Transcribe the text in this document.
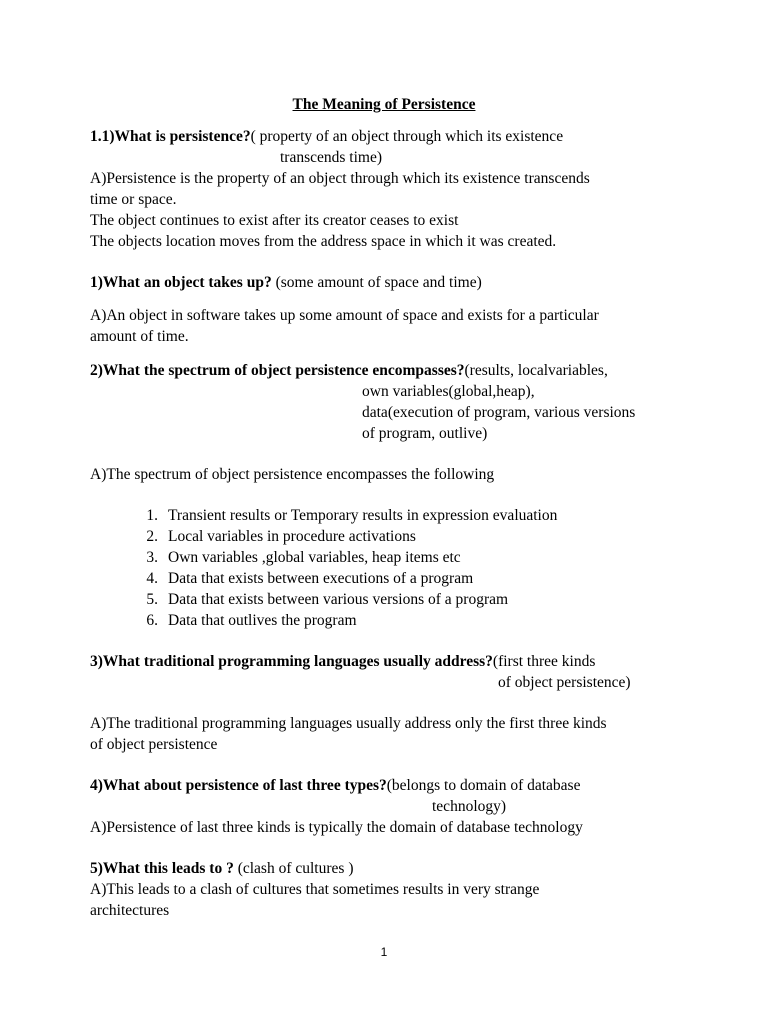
The Meaning of Persistence
1.1)What is persistence?( property of an object through which its existence
transcends time)
A)Persistence is the property of an object through which its existence transcends
time or space.
The object continues to exist after its creator ceases to exist
The objects location moves from the address space in which it was created.
1)What an object takes up? (some amount of space and time)
A)An object in software takes up some amount of space and exists for a particular
amount of time.
2)What the spectrum of object persistence encompasses?(results, localvariables,
own variables(global,heap),
data(execution of program, various versions
of program, outlive)
A)The spectrum of object persistence encompasses the following
1. Transient results or Temporary results in expression evaluation
2. Local variables in procedure activations
3. Own variables ,global variables, heap items etc
4. Data that exists between executions of a program
5. Data that exists between various versions of a program
6. Data that outlives the program
3)What traditional programming languages usually address?(first three kinds
of object persistence)
A)The traditional programming languages usually address only the first three kinds
of object persistence
4)What about persistence of last three types?(belongs to domain of database
technology)
A)Persistence of last three kinds is typically the domain of database technology
5)What this leads to ? (clash of cultures )
A)This leads to a clash of cultures that sometimes results in very strange
architectures
1
